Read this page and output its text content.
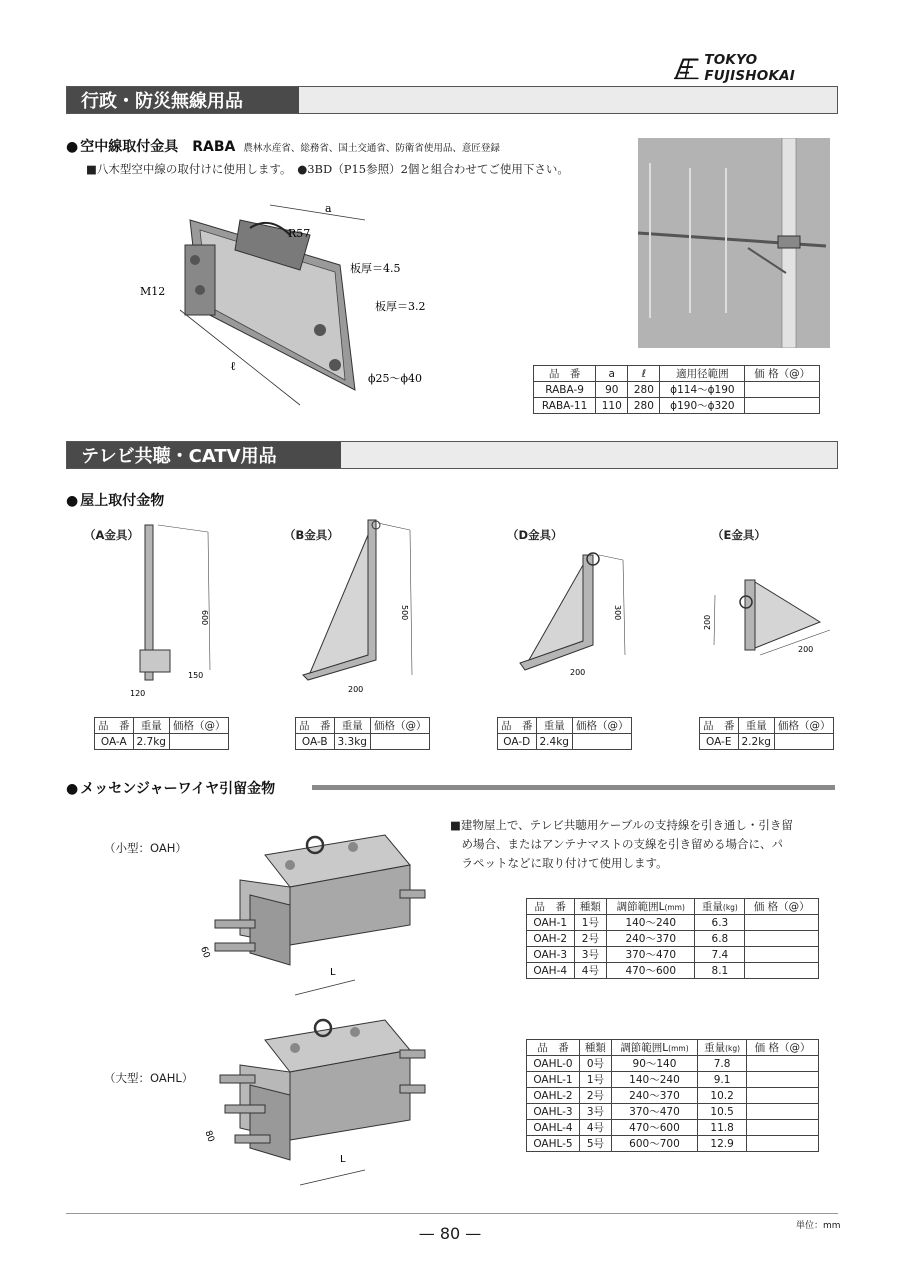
TOKYO FUJISHOKAI
行政・防災無線用品
● 空中線取付金具　RABA 農林水産省、総務省、国土交通省、防衛省使用品、意匠登録
■八木型空中線の取付けに使用します。　●3BD（P15参照）2個と組合わせてご使用下さい。
a
R57
M12
板厚＝4.5
板厚＝3.2
ℓ
ϕ25～ϕ40	品　番	a	ℓ	適用径範囲	価 格（@）
RABA-9	90	280	ϕ114～ϕ190	
RABA-11	110	280	ϕ190～ϕ320	
テレビ共聴・CATV用品
● 屋上取付金物
（A金具）	（B金具）	（D金具）	（E金具）
600
120
150
500
200
300
200
200
200
品　番	重量	価格（@）
OA-A	2.7kg	
品　番	重量	価格（@）
OA-B	3.3kg	
品　番	重量	価格（@）
OA-D	2.4kg	
品　番	重量	価格（@）
OA-E	2.2kg	
● メッセンジャーワイヤ引留金物
■建物屋上で、テレビ共聴用ケーブルの支持線を引き通し・引き留
　め場合、またはアンテナマストの支線を引き留める場合に、パ
　ラペットなどに取り付けて使用します。
（小型：OAH）
（大型：OAHL）
60
L
80
L
品　番	種類	調節範囲L(mm)	重量(kg)	価 格（@）
OAH-1	1号	140～240	6.3	
OAH-2	2号	240～370	6.8	
OAH-3	3号	370～470	7.4	
OAH-4	4号	470～600	8.1	
品　番	種類	調節範囲L(mm)	重量(kg)	価 格（@）
OAHL-0	0号	90～140	7.8	
OAHL-1	1号	140～240	9.1	
OAHL-2	2号	240～370	10.2	
OAHL-3	3号	370～470	10.5	
OAHL-4	4号	470～600	11.8	
OAHL-5	5号	600～700	12.9	
— 80 —	単位：mm
